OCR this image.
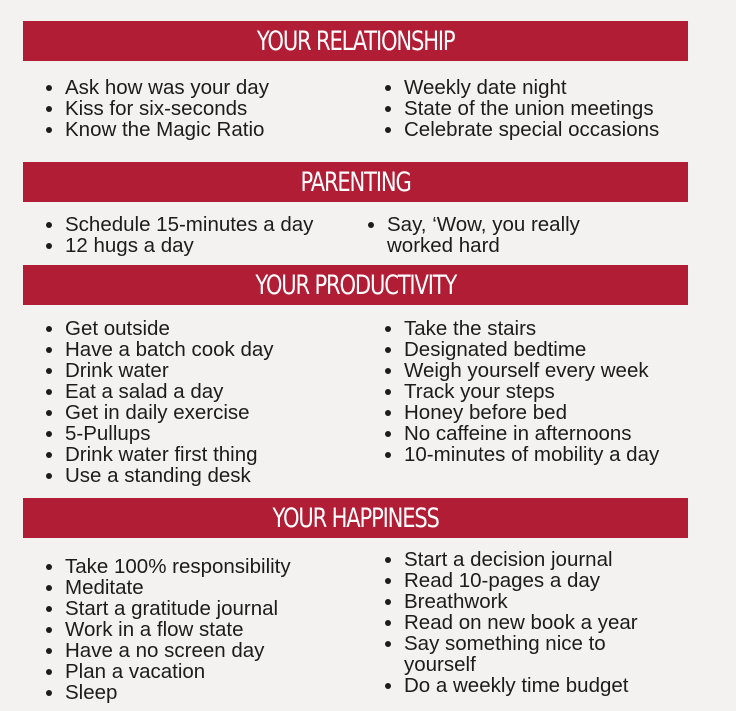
YOUR RELATIONSHIP
Ask how was your day
Kiss for six-seconds
Know the Magic Ratio
Weekly date night
State of the union meetings
Celebrate special occasions
PARENTING
Schedule 15-minutes a day
12 hugs a day
Say, ‘Wow, you really
worked hard
YOUR PRODUCTIVITY
Get outside
Have a batch cook day
Drink water
Eat a salad a day
Get in daily exercise
5-Pullups
Drink water first thing
Use a standing desk
Take the stairs
Designated bedtime
Weigh yourself every week
Track your steps
Honey before bed
No caffeine in afternoons
10-minutes of mobility a day
YOUR HAPPINESS
Take 100% responsibility
Meditate
Start a gratitude journal
Work in a flow state
Have a no screen day
Plan a vacation
Sleep
Start a decision journal
Read 10-pages a day
Breathwork
Read on new book a year
Say something nice to
yourself
Do a weekly time budget
